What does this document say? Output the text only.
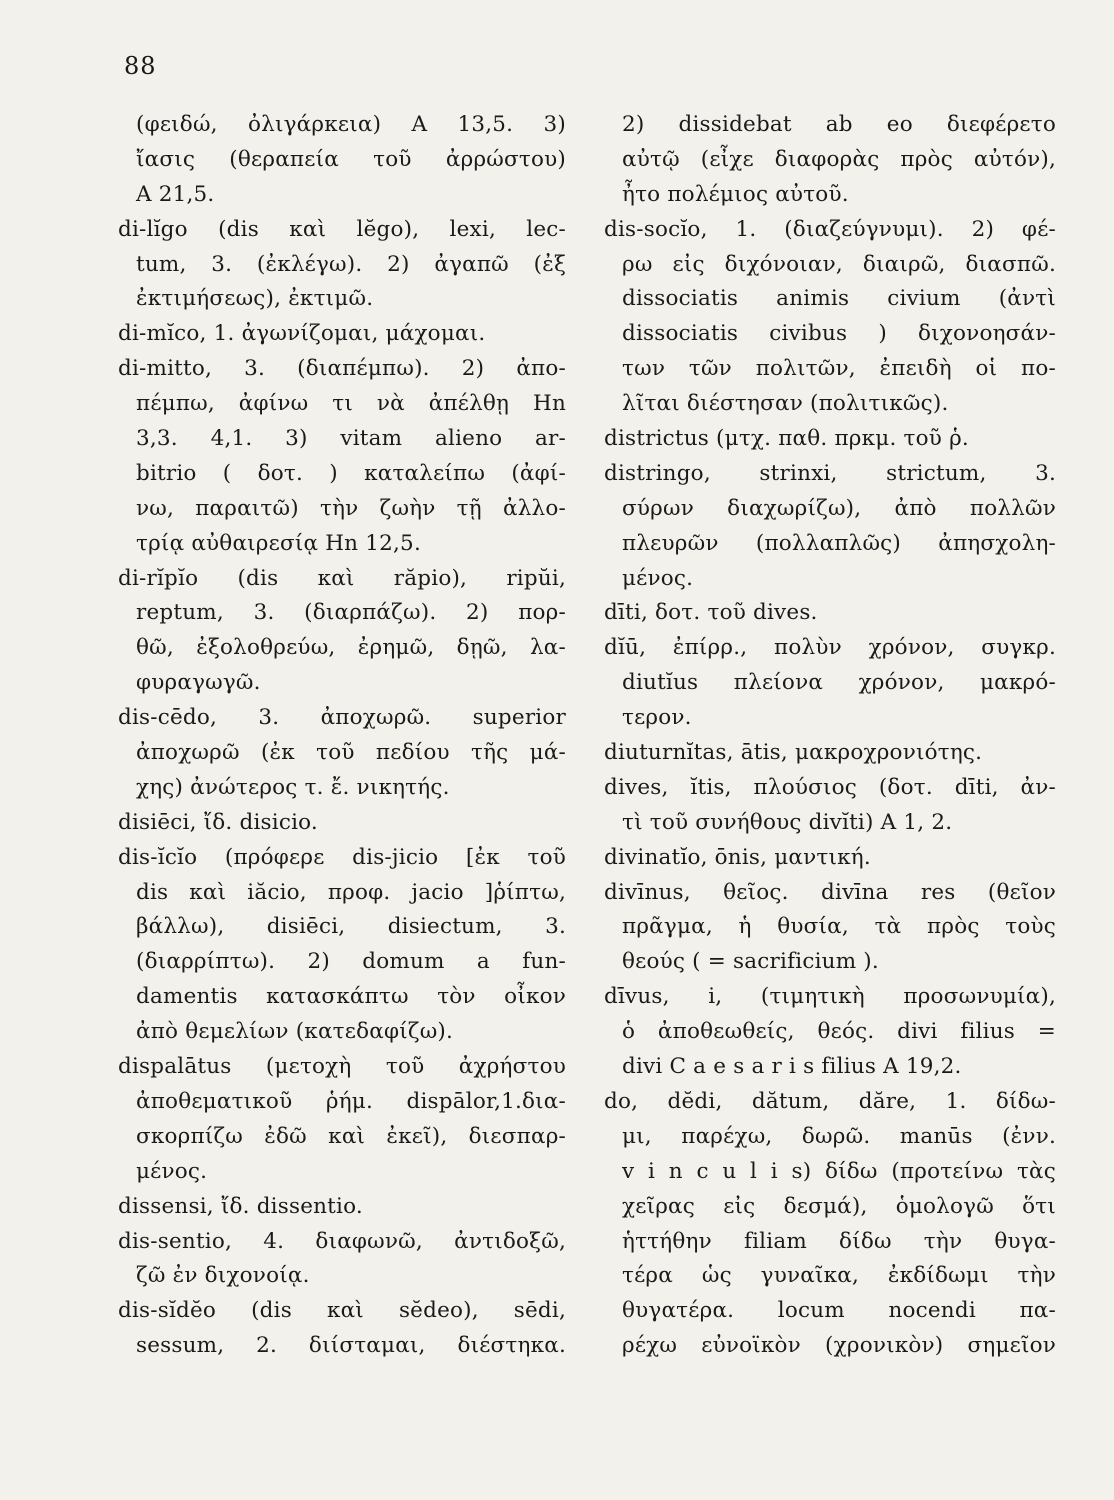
88
(φειδώ, ὀλιγάρκεια) A 13,5. 3)
ἴασις (θεραπεία τοῦ ἀρρώστου)
A 21,5.
di-lĭgo (dis καὶ lĕgo), lexi, lec-
tum, 3. (ἐκλέγω). 2) ἀγαπῶ (ἐξ
ἐκτιμήσεως), ἐκτιμῶ.
di-mĭco, 1. ἀγωνίζομαι, μάχομαι.
di-mitto, 3. (διαπέμπω). 2) ἀπο-
πέμπω, ἀφίνω τι νὰ ἀπέλθῃ Hn
3,3. 4,1. 3) vitam alieno ar-
bitrio ( δοτ. ) καταλείπω (ἀφί-
νω, παραιτῶ) τὴν ζωὴν τῇ ἀλλο-
τρίᾳ αὐθαιρεσίᾳ Hn 12,5.
di-rĭpĭo (dis καὶ răpio), ripŭi,
reptum, 3. (διαρπάζω). 2) πορ-
θῶ, ἐξολοθρεύω, ἐρημῶ, δῃῶ, λα-
φυραγωγῶ.
dis-cēdo, 3. ἀποχωρῶ. superior
ἀποχωρῶ (ἐκ τοῦ πεδίου τῆς μά-
χης) ἀνώτερος τ. ἔ. νικητής.
disiēci, ἴδ. disicio.
dis-ĭcĭo (πρόφερε dis-jicio [ἐκ τοῦ
dis καὶ iăcio, προφ. jacio ]ῥίπτω,
βάλλω), disiēci, disiectum, 3.
(διαρρίπτω). 2) domum a fun-
damentis κατασκάπτω τὸν οἶκον
ἀπὸ θεμελίων (κατεδαφίζω).
dispalātus (μετοχὴ τοῦ ἀχρήστου
ἀποθεματικοῦ ῥήμ. dispālor,1.δια-
σκορπίζω ἐδῶ καὶ ἐκεῖ), διεσπαρ-
μένος.
dissensi, ἴδ. dissentio.
dis-sentio, 4. διαφωνῶ, ἀντιδοξῶ,
ζῶ ἐν διχονοίᾳ.
dis-sĭdĕo (dis καὶ sĕdeo), sēdi,
sessum, 2. διίσταμαι, διέστηκα.
2) dissidebat ab eo διεφέρετο
αὐτῷ (εἶχε διαφορὰς πρὸς αὐτόν),
ἦτο πολέμιος αὐτοῦ.
dis-socĭo, 1. (διαζεύγνυμι). 2) φέ-
ρω εἰς διχόνοιαν, διαιρῶ, διασπῶ.
dissociatis animis civium (ἀντὶ
dissociatis civibus ) διχονοησάν-
των τῶν πολιτῶν, ἐπειδὴ οἱ πο-
λῖται διέστησαν (πολιτικῶς).
districtus (μτχ. παθ. πρκμ. τοῦ ῥ.
distringo, strinxi, strictum, 3.
σύρων διαχωρίζω), ἀπὸ πολλῶν
πλευρῶν (πολλαπλῶς) ἀπησχολη-
μένος.
dīti, δοτ. τοῦ dives.
dĭū, ἐπίρρ., πολὺν χρόνον, συγκρ.
diutĭus πλείονα χρόνον, μακρό-
τερον.
diuturnĭtas, ātis, μακροχρονιότης.
dives, ĭtis, πλούσιος (δοτ. dīti, ἀν-
τὶ τοῦ συνήθους divĭti) A 1, 2.
divinatĭo, ōnis, μαντική.
divīnus, θεῖος. divīna res (θεῖον
πρᾶγμα, ἡ θυσία, τὰ πρὸς τοὺς
θεούς ( = sacrificium ).
dīvus, i, (τιμητικὴ προσωνυμία),
ὁ ἀποθεωθείς, θεός. divi filius =
divi C a e s a r i s filius A 19,2.
do, dĕdi, dătum, dăre, 1. δίδω-
μι, παρέχω, δωρῶ. manūs (ἐνν.
v i n c u l i s) δίδω (προτείνω τὰς
χεῖρας εἰς δεσμά), ὁμολογῶ ὅτι
ἡττήθην filiam δίδω τὴν θυγα-
τέρα ὡς γυναῖκα, ἐκδίδωμι τὴν
θυγατέρα. locum nocendi πα-
ρέχω εὐνοϊκὸν (χρονικὸν) σημεῖον
